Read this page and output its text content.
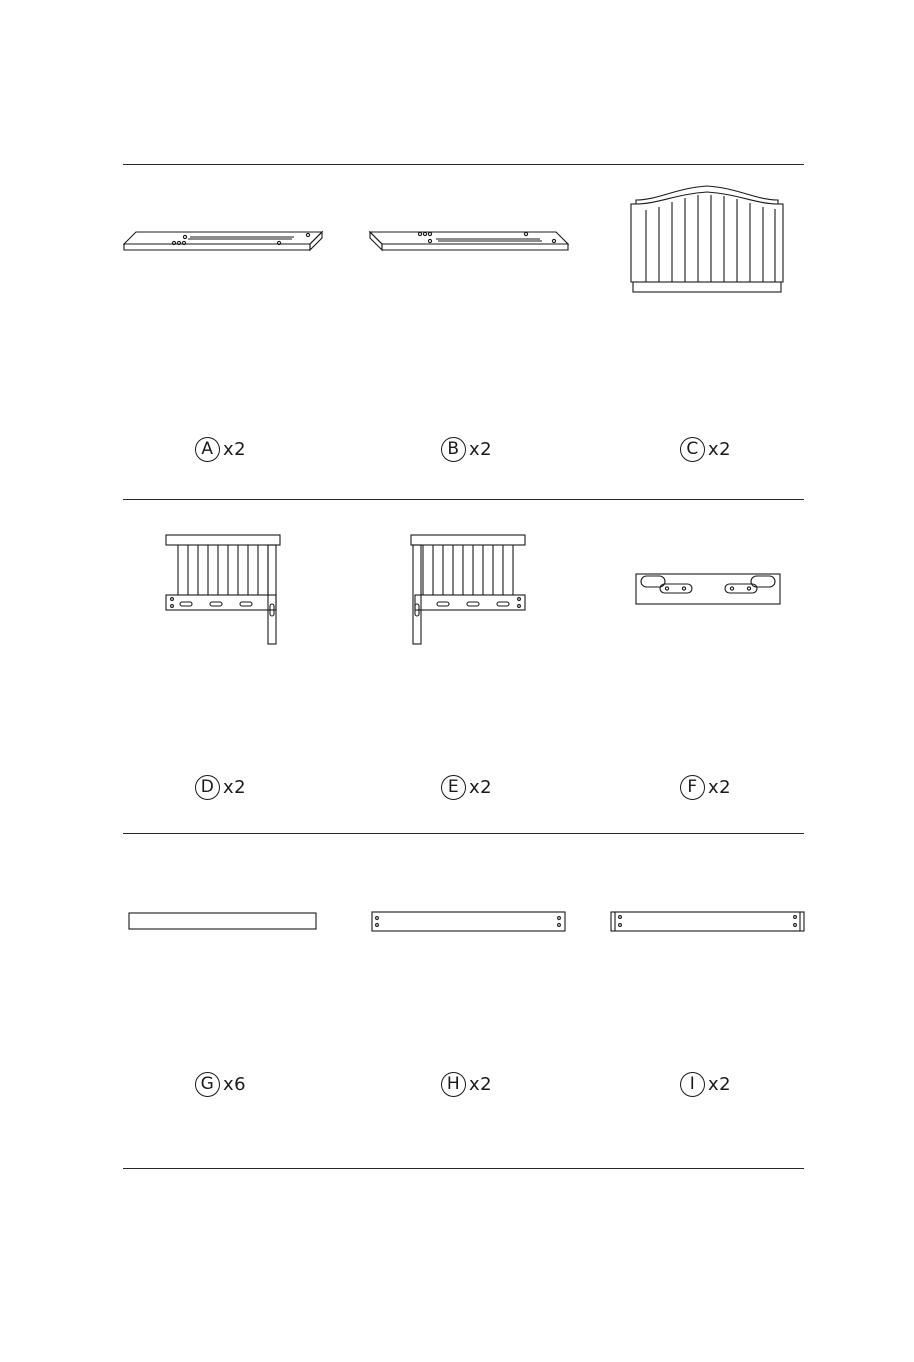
A x2	B x2	C x2
D x2	E x2	F x2
G x6	H x2	I x2
